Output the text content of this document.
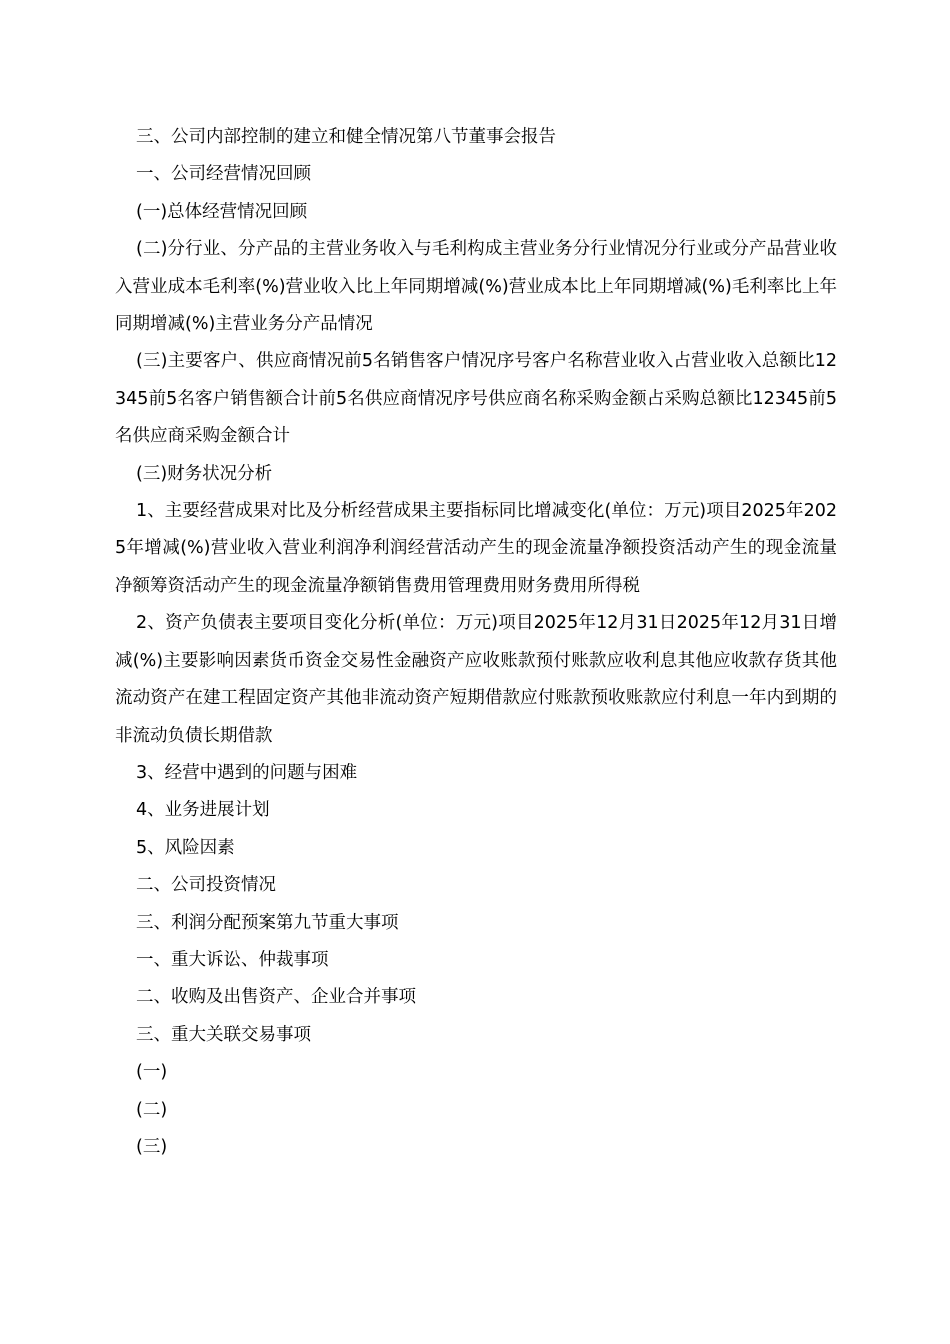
三、公司内部控制的建立和健全情况第八节董事会报告

一、公司经营情况回顾

(一)总体经营情况回顾

(二)分行业、分产品的主营业务收入与毛利构成主营业务分行业情况分行业或分产品营业收入营业成本毛利率(%)营业收入比上年同期增减(%)营业成本比上年同期增减(%)毛利率比上年同期增减(%)主营业务分产品情况

(三)主要客户、供应商情况前5名销售客户情况序号客户名称营业收入占营业收入总额比12345前5名客户销售额合计前5名供应商情况序号供应商名称采购金额占采购总额比12345前5名供应商采购金额合计

(三)财务状况分析

1、主要经营成果对比及分析经营成果主要指标同比增减变化(单位：万元)项目2025年2025年增减(%)营业收入营业利润净利润经营活动产生的现金流量净额投资活动产生的现金流量净额筹资活动产生的现金流量净额销售费用管理费用财务费用所得税

2、资产负债表主要项目变化分析(单位：万元)项目2025年12月31日2025年12月31日增减(%)主要影响因素货币资金交易性金融资产应收账款预付账款应收利息其他应收款存货其他流动资产在建工程固定资产其他非流动资产短期借款应付账款预收账款应付利息一年内到期的非流动负债长期借款

3、经营中遇到的问题与困难

4、业务进展计划

5、风险因素

二、公司投资情况

三、利润分配预案第九节重大事项

一、重大诉讼、仲裁事项

二、收购及出售资产、企业合并事项

三、重大关联交易事项

(一)

(二)

(三)
